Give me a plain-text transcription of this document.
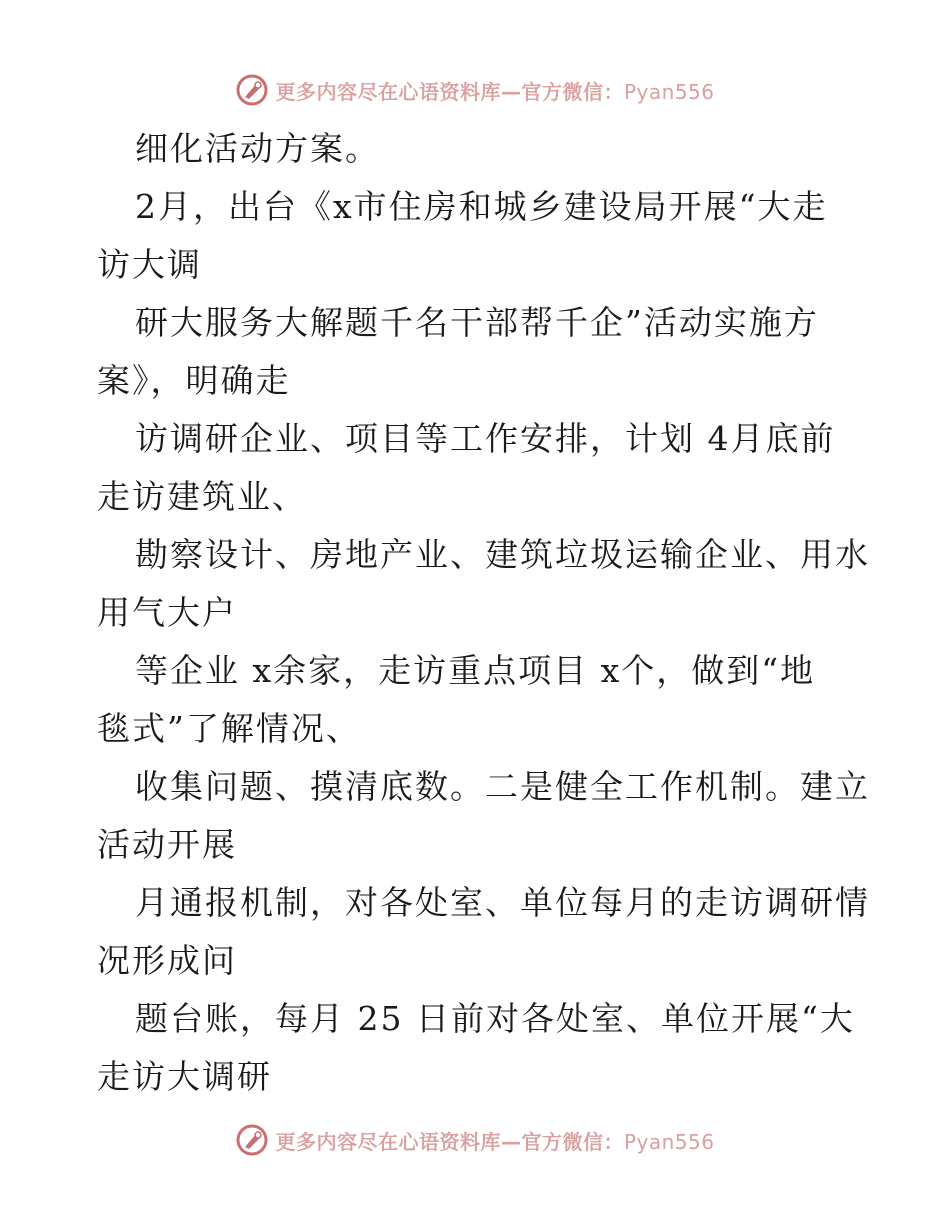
更多内容尽在心语资料库—官方微信：Pyan556
细化活动方案。
2月，出台《x市住房和城乡建设局开展“大走
访大调
研大服务大解题千名干部帮千企”活动实施方
案》，明确走
访调研企业、项目等工作安排，计划 4月底前
走访建筑业、
勘察设计、房地产业、建筑垃圾运输企业、用水
用气大户
等企业 x余家，走访重点项目 x个，做到“地
毯式”了解情况、
收集问题、摸清底数。二是健全工作机制。建立
活动开展
月通报机制，对各处室、单位每月的走访调研情
况形成问
题台账，每月 25 日前对各处室、单位开展“大
走访大调研
更多内容尽在心语资料库—官方微信：Pyan556
